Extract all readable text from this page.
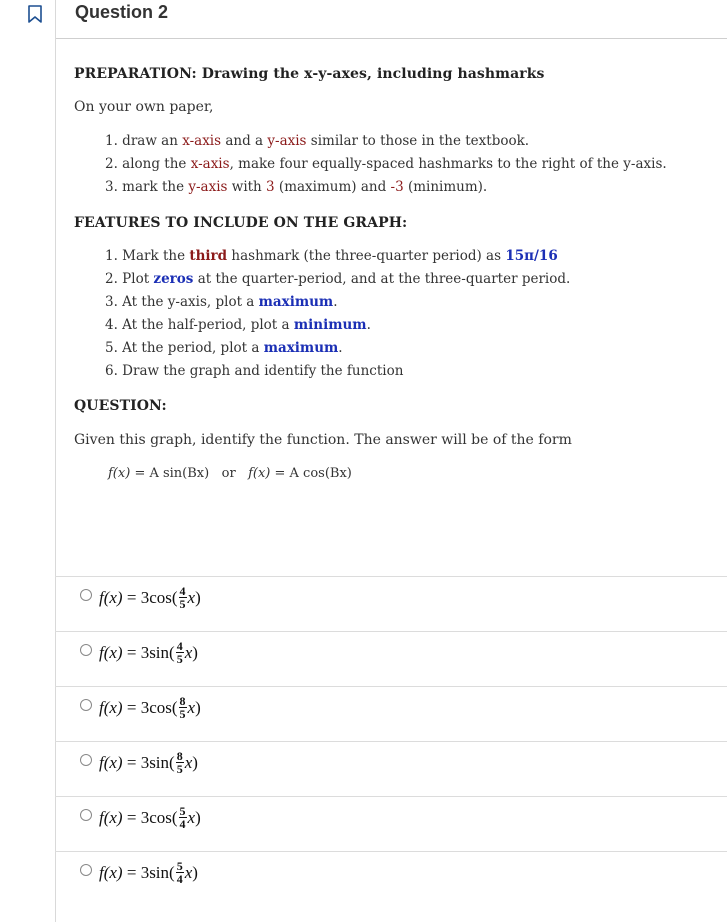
Question 2
PREPARATION: Drawing the x-y-axes, including hashmarks
On your own paper,
1. draw an x-axis and a y-axis similar to those in the textbook.
2. along the x-axis, make four equally-spaced hashmarks to the right of the y-axis.
3. mark the y-axis with 3 (maximum) and -3 (minimum).
FEATURES TO INCLUDE ON THE GRAPH:
1. Mark the third hashmark (the three-quarter period) as 15π/16
2. Plot zeros at the quarter-period, and at the three-quarter period.
3. At the y-axis, plot a maximum.
4. At the half-period, plot a minimum.
5. At the period, plot a maximum.
6. Draw the graph and identify the function
QUESTION:
Given this graph, identify the function. The answer will be of the form
f(x) = A sin(Bx) or f(x) = A cos(Bx)
f(x)
=
3 cos ( $\frac{4}{5}$ x )
f(x)
=
3 sin ( $\frac{4}{5}$ x )
f(x)
=
3 cos ( $\frac{8}{5}$ x )
f(x)
=
3 sin ( $\frac{8}{5}$ x )
f(x)
=
3 cos ( $\frac{5}{4}$ x )
f(x)
=
3 sin ( $\frac{5}{4}$ x )
